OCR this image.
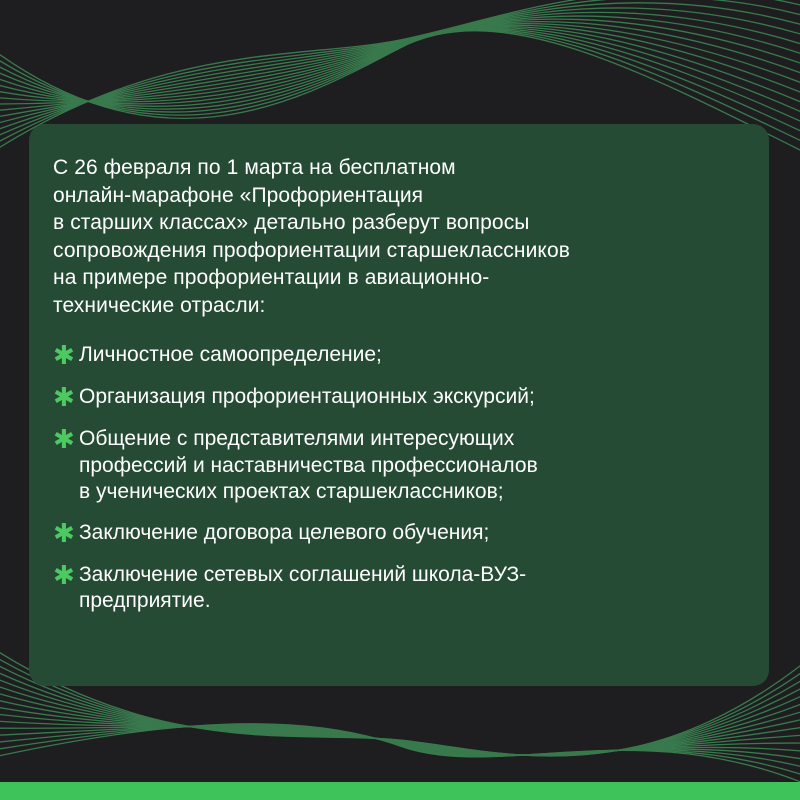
С 26 февраля по 1 марта на бесплатном
онлайн-марафоне «Профориентация
в старших классах» детально разберут вопросы
сопровождения профориентации старшеклассников
на примере профориентации в авиационно-
технические отрасли:

✱ Личностное самоопределение;
✱ Организация профориентационных экскурсий;
✱ Общение с представителями интересующих
профессий и наставничества профессионалов
в ученических проектах старшеклассников;
✱ Заключение договора целевого обучения;
✱ Заключение сетевых соглашений школа-ВУЗ-
предприятие.
